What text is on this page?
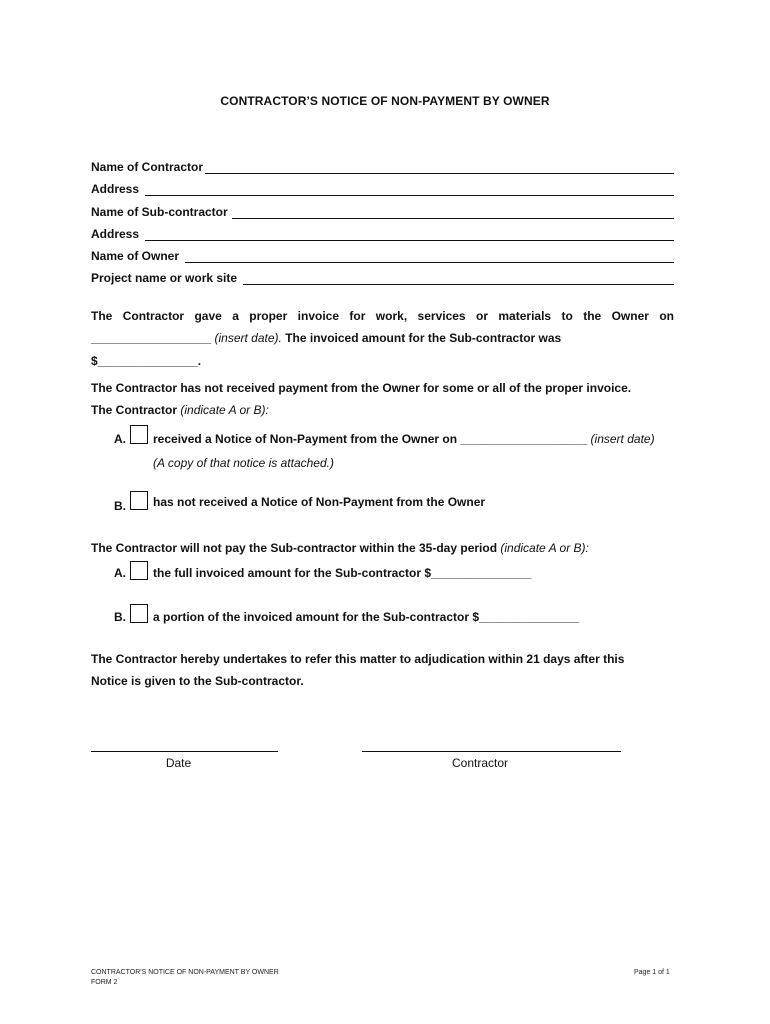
CONTRACTOR’S NOTICE OF NON-PAYMENT BY OWNER
Name of Contractor
Address
Name of Sub-contractor
Address
Name of Owner
Project name or work site
The Contractor gave a proper invoice for work, services or materials to the Owner on
__________________ (insert date). The invoiced amount for the Sub-contractor was
$_______________.
The Contractor has not received payment from the Owner for some or all of the proper invoice.
The Contractor (indicate A or B):
A. received a Notice of Non-Payment from the Owner on ___________________ (insert date)
(A copy of that notice is attached.)
B. has not received a Notice of Non-Payment from the Owner
The Contractor will not pay the Sub-contractor within the 35-day period (indicate A or B):
A. the full invoiced amount for the Sub-contractor $_______________
B. a portion of the invoiced amount for the Sub-contractor $_______________
The Contractor hereby undertakes to refer this matter to adjudication within 21 days after this
Notice is given to the Sub-contractor.
Date	Contractor
CONTRACTOR'S NOTICE OF NON-PAYMENT BY OWNER
FORM 2
Page 1 of 1
